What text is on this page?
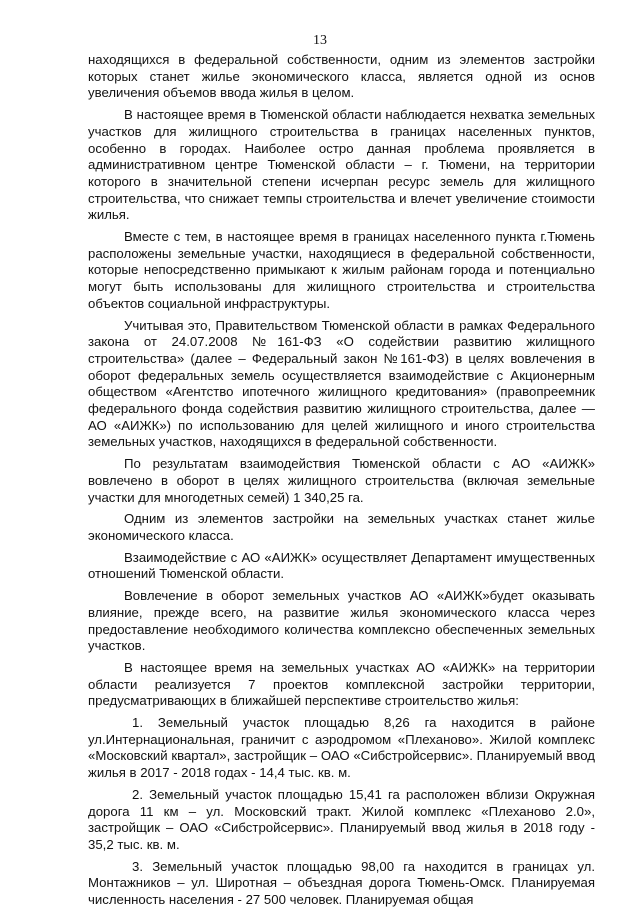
13

находящихся в федеральной собственности, одним из элементов застройки которых станет жилье экономического класса, является одной из основ увеличения объемов ввода жилья в целом.

В настоящее время в Тюменской области наблюдается нехватка земельных участков для жилищного строительства в границах населенных пунктов, особенно в городах. Наиболее остро данная проблема проявляется в административном центре Тюменской области – г. Тюмени, на территории которого в значительной степени исчерпан ресурс земель для жилищного строительства, что снижает темпы строительства и влечет увеличение стоимости жилья.

Вместе с тем, в настоящее время в границах населенного пункта г.Тюмень расположены земельные участки, находящиеся в федеральной собственности, которые непосредственно примыкают к жилым районам города и потенциально могут быть использованы для жилищного строительства и строительства объектов социальной инфраструктуры.

Учитывая это, Правительством Тюменской области в рамках Федерального закона от 24.07.2008 №161-ФЗ «О содействии развитию жилищного строительства» (далее – Федеральный закон №161-ФЗ) в целях вовлечения в оборот федеральных земель осуществляется взаимодействие с Акционерным обществом «Агентство ипотечного жилищного кредитования» (правопреемник федерального фонда содействия развитию жилищного строительства, далее — АО «АИЖК») по использованию для целей жилищного и иного строительства земельных участков, находящихся в федеральной собственности.

По результатам взаимодействия Тюменской области с АО «АИЖК» вовлечено в оборот в целях жилищного строительства (включая земельные участки для многодетных семей) 1 340,25 га.

Одним из элементов застройки на земельных участках станет жилье экономического класса.

Взаимодействие с АО «АИЖК» осуществляет Департамент имущественных отношений Тюменской области.

Вовлечение в оборот земельных участков АО «АИЖК»будет оказывать влияние, прежде всего, на развитие жилья экономического класса через предоставление необходимого количества комплексно обеспеченных земельных участков.

В настоящее время на земельных участках АО «АИЖК» на территории области реализуется 7 проектов комплексной застройки территории, предусматривающих в ближайшей перспективе строительство жилья:

1. Земельный участок площадью 8,26 га находится в районе ул.Интернациональная, граничит с аэродромом «Плеханово». Жилой комплекс «Московский квартал», застройщик – ОАО «Сибстройсервис». Планируемый ввод жилья в 2017 - 2018 годах - 14,4 тыс. кв. м.

2. Земельный участок площадью 15,41 га расположен вблизи Окружная дорога 11 км – ул. Московский тракт. Жилой комплекс «Плеханово 2.0», застройщик – ОАО «Сибстройсервис». Планируемый ввод жилья в 2018 году - 35,2 тыс. кв. м.

3. Земельный участок площадью 98,00 га находится в границах ул. Монтажников – ул. Широтная – объездная дорога Тюмень-Омск. Планируемая численность населения - 27 500 человек. Планируемая общая
